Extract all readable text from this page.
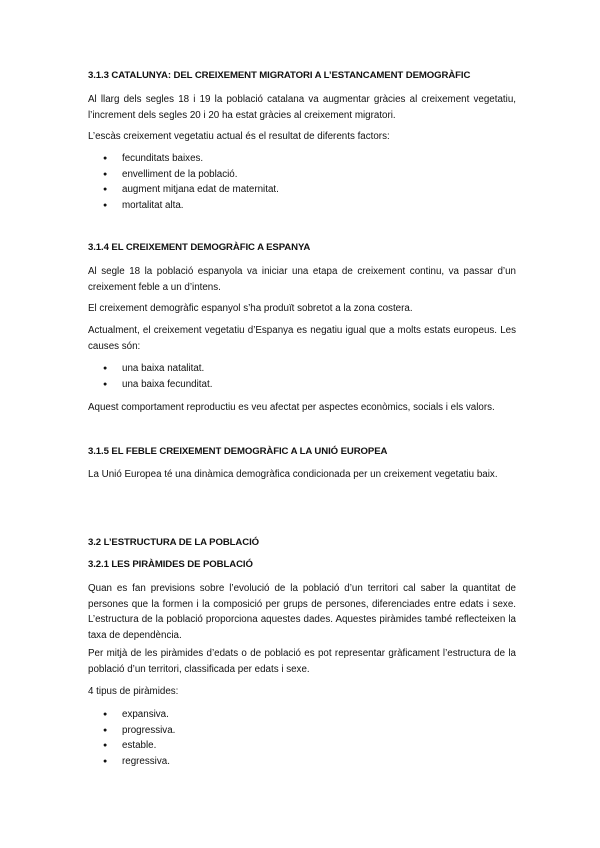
3.1.3 CATALUNYA: DEL CREIXEMENT MIGRATORI A L’ESTANCAMENT DEMOGRÀFIC
Al llarg dels segles 18 i 19 la població catalana va augmentar gràcies al creixement vegetatiu, l’increment dels segles 20 i 20 ha estat gràcies al creixement migratori.
L’escàs creixement vegetatiu actual és el resultat de diferents factors:
● fecunditats baixes.
● envelliment de la població.
● augment mitjana edat de maternitat.
● mortalitat alta.
3.1.4 EL CREIXEMENT DEMOGRÀFIC A ESPANYA
Al segle 18 la població espanyola va iniciar una etapa de creixement continu, va passar d’un creixement feble a un d’intens.
El creixement demogràfic espanyol s’ha produït sobretot a la zona costera.
Actualment, el creixement vegetatiu d’Espanya es negatiu igual que a molts estats europeus. Les causes són:
● una baixa natalitat.
● una baixa fecunditat.
Aquest comportament reproductiu es veu afectat per aspectes econòmics, socials i els valors.
3.1.5 EL FEBLE CREIXEMENT DEMOGRÀFIC A LA UNIÓ EUROPEA
La Unió Europea té una dinàmica demogràfica condicionada per un creixement vegetatiu baix.
3.2 L’ESTRUCTURA DE LA POBLACIÓ
3.2.1 LES PIRÀMIDES DE POBLACIÓ
Quan es fan previsions sobre l’evolució de la població d’un territori cal saber la quantitat de persones que la formen i la composició per grups de persones, diferenciades entre edats i sexe. L’estructura de la població proporciona aquestes dades. Aquestes piràmides també reflecteixen la taxa de dependència.
Per mitjà de les piràmides d’edats o de població es pot representar gràficament l’estructura de la població d’un territori, classificada per edats i sexe.
4 tipus de piràmides:
● expansiva.
● progressiva.
● estable.
● regressiva.
